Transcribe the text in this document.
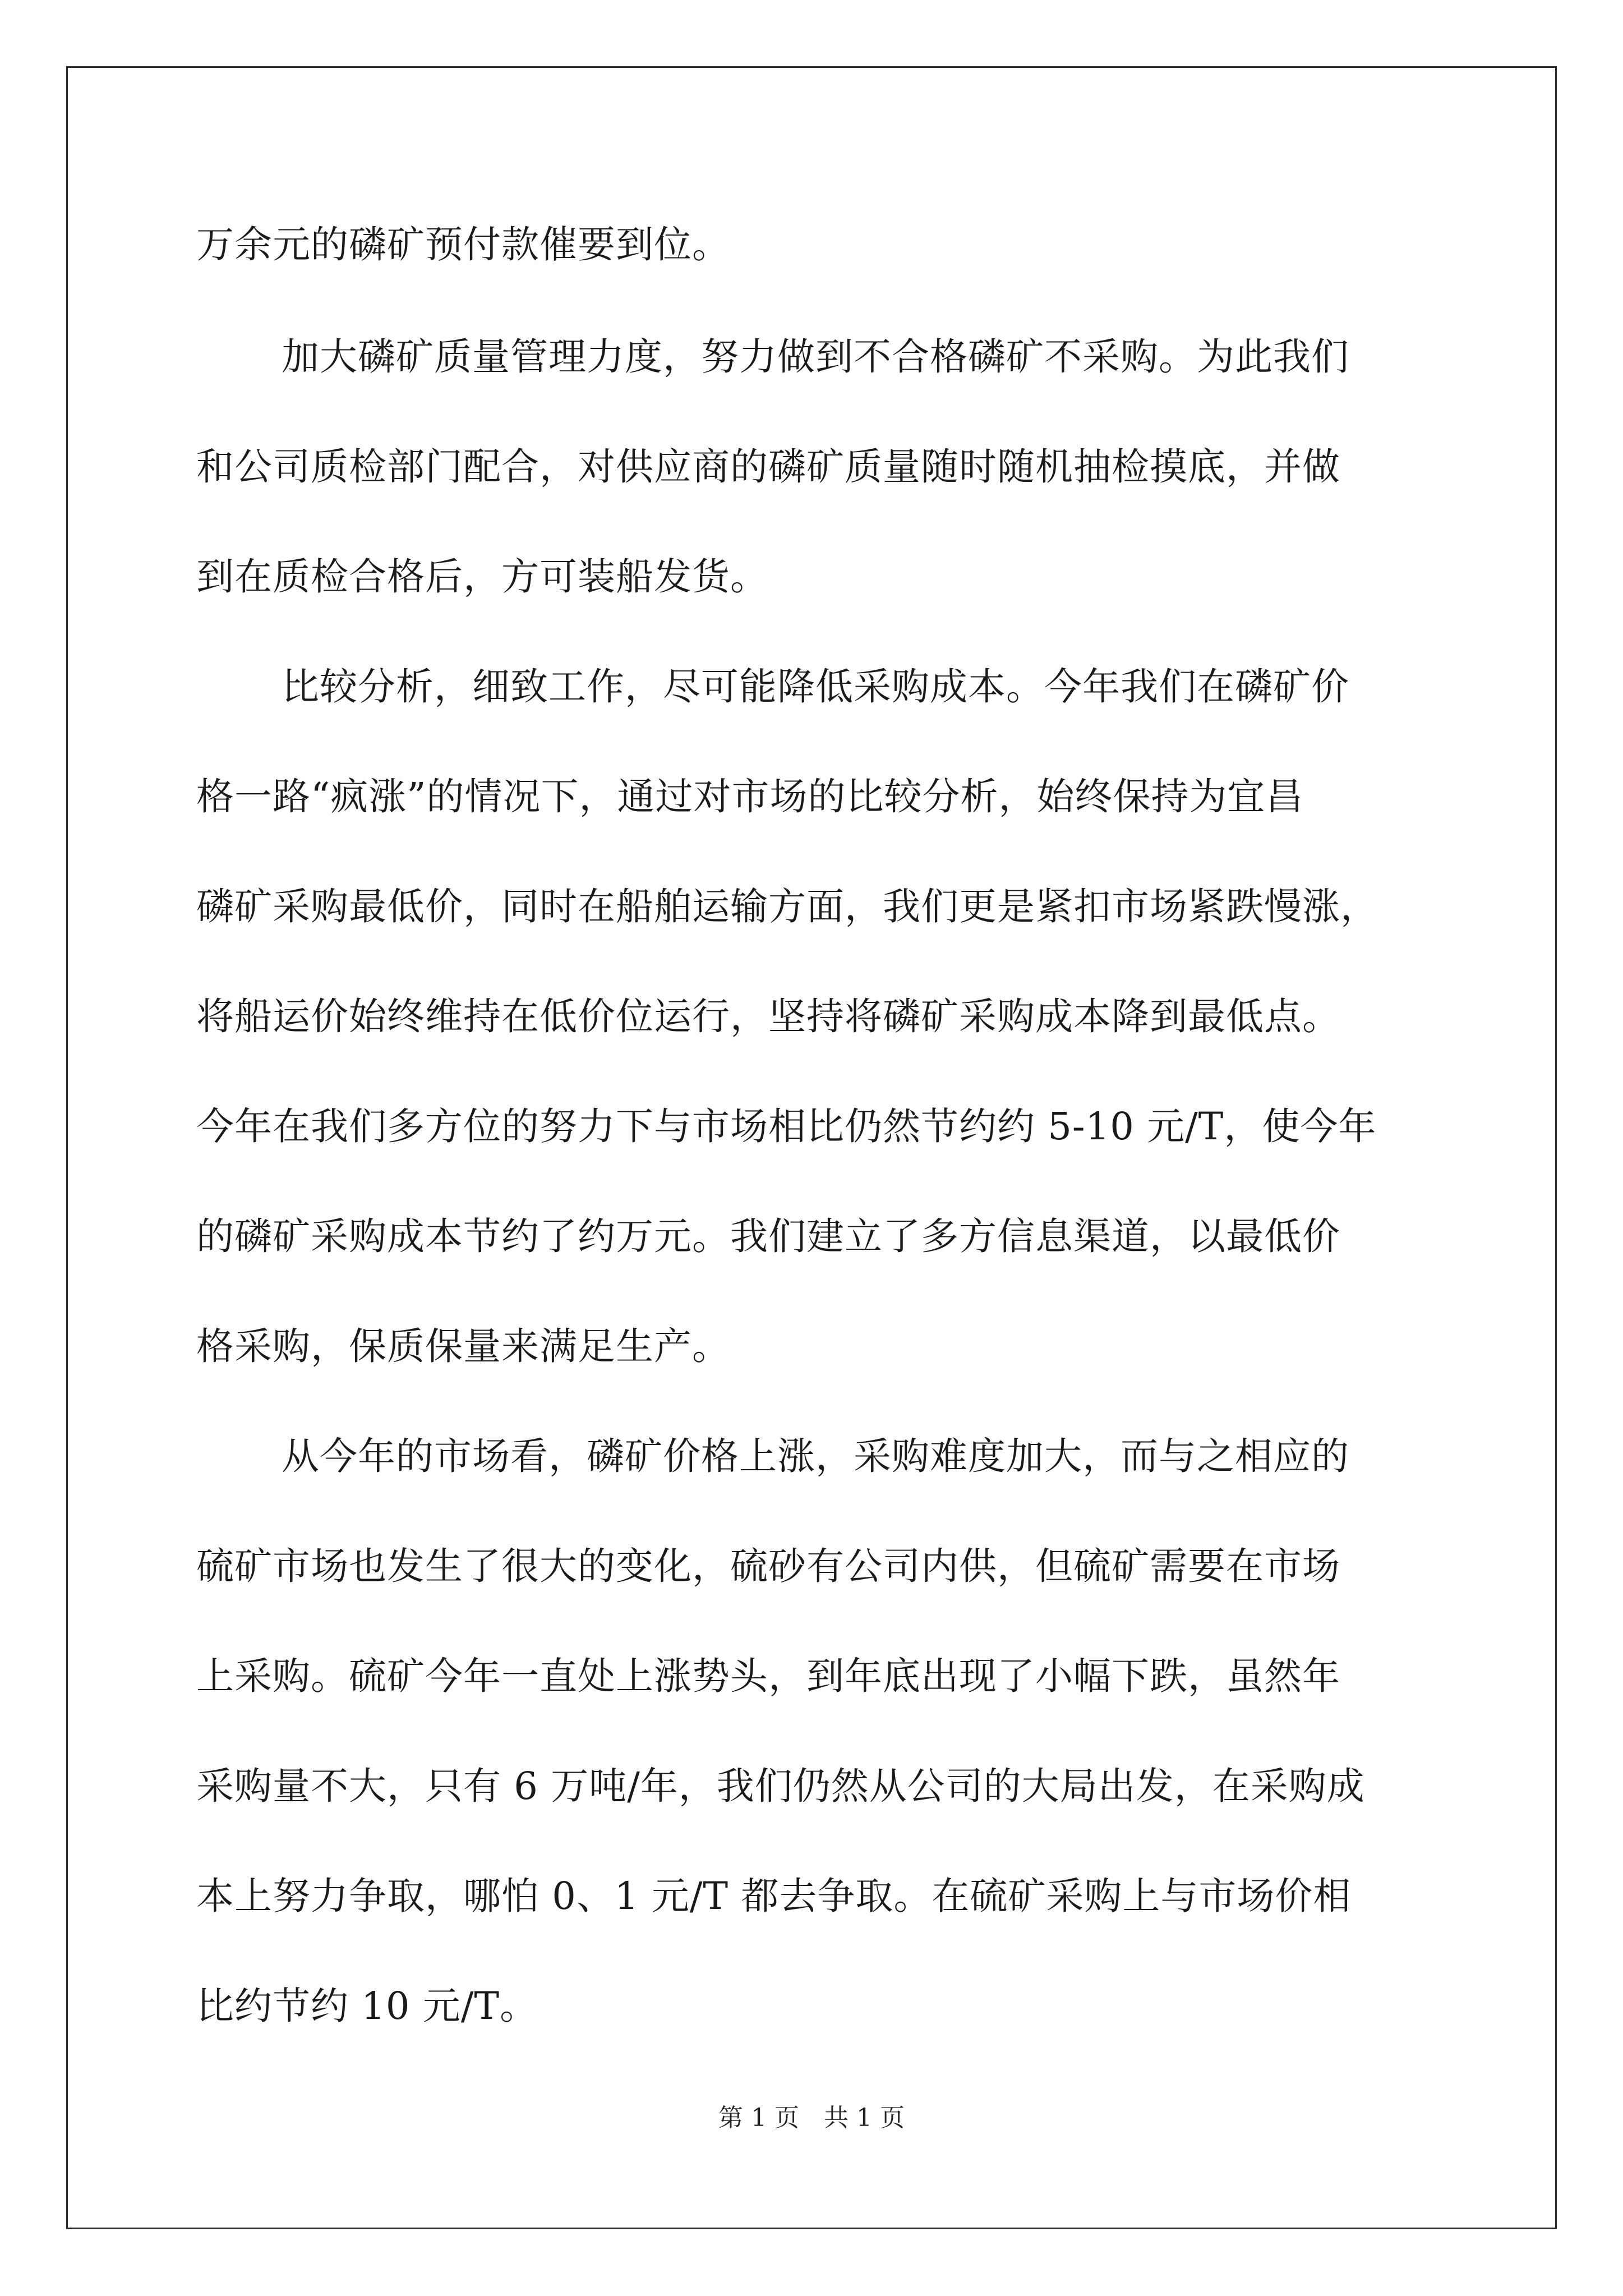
万余元的磷矿预付款催要到位。
加大磷矿质量管理力度，努力做到不合格磷矿不采购。为此我们
和公司质检部门配合，对供应商的磷矿质量随时随机抽检摸底，并做
到在质检合格后，方可装船发货。
比较分析，细致工作，尽可能降低采购成本。今年我们在磷矿价
格一路“疯涨”的情况下，通过对市场的比较分析，始终保持为宜昌
磷矿采购最低价，同时在船舶运输方面，我们更是紧扣市场紧跌慢涨，
将船运价始终维持在低价位运行，坚持将磷矿采购成本降到最低点。
今年在我们多方位的努力下与市场相比仍然节约约 5-10 元/T，使今年
的磷矿采购成本节约了约万元。我们建立了多方信息渠道，以最低价
格采购，保质保量来满足生产。
从今年的市场看，磷矿价格上涨，采购难度加大，而与之相应的
硫矿市场也发生了很大的变化，硫砂有公司内供，但硫矿需要在市场
上采购。硫矿今年一直处上涨势头，到年底出现了小幅下跌，虽然年
采购量不大，只有 6 万吨/年，我们仍然从公司的大局出发，在采购成
本上努力争取，哪怕 0、1 元/T 都去争取。在硫矿采购上与市场价相
比约节约 10 元/T。
第 1 页　共 1 页
